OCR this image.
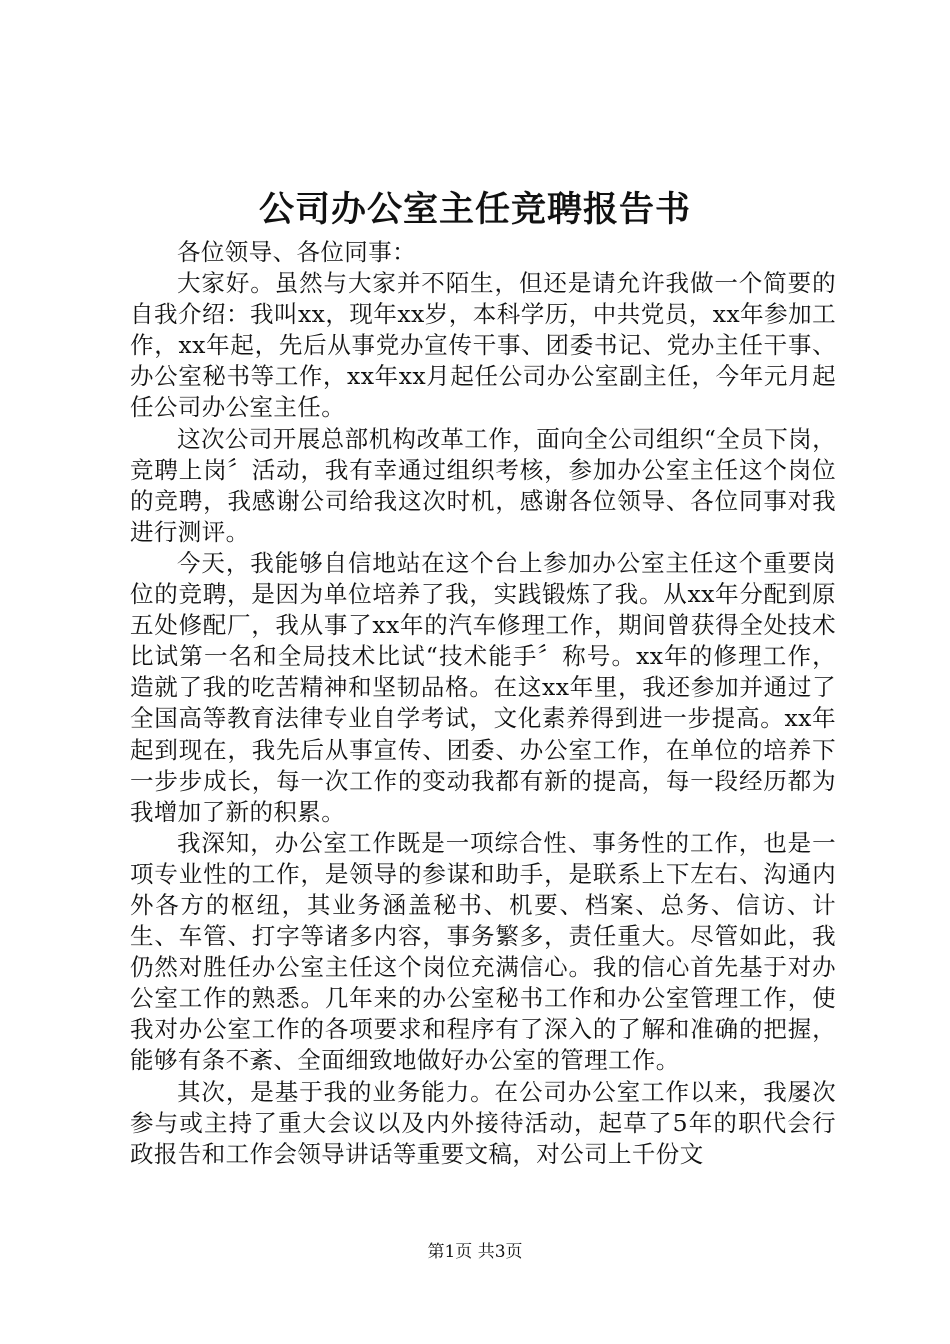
公司办公室主任竞聘报告书

各位领导、各位同事：

大家好。虽然与大家并不陌生，但还是请允许我做一个简要的自我介绍：我叫xx，现年xx岁，本科学历，中共党员，xx年参加工作，xx年起，先后从事党办宣传干事、团委书记、党办主任干事、办公室秘书等工作，xx年xx月起任公司办公室副主任，今年元月起任公司办公室主任。

这次公司开展总部机构改革工作，面向全公司组织“全员下岗，竞聘上岗〞活动，我有幸通过组织考核，参加办公室主任这个岗位的竞聘，我感谢公司给我这次时机，感谢各位领导、各位同事对我进行测评。

今天，我能够自信地站在这个台上参加办公室主任这个重要岗位的竞聘，是因为单位培养了我，实践锻炼了我。从xx年分配到原五处修配厂，我从事了xx年的汽车修理工作，期间曾获得全处技术比试第一名和全局技术比试“技术能手〞称号。xx年的修理工作，造就了我的吃苦精神和坚韧品格。在这xx年里，我还参加并通过了全国高等教育法律专业自学考试，文化素养得到进一步提高。xx年起到现在，我先后从事宣传、团委、办公室工作，在单位的培养下一步步成长，每一次工作的变动我都有新的提高，每一段经历都为我增加了新的积累。

我深知，办公室工作既是一项综合性、事务性的工作，也是一项专业性的工作，是领导的参谋和助手，是联系上下左右、沟通内外各方的枢纽，其业务涵盖秘书、机要、档案、总务、信访、计生、车管、打字等诸多内容，事务繁多，责任重大。尽管如此，我仍然对胜任办公室主任这个岗位充满信心。我的信心首先基于对办公室工作的熟悉。几年来的办公室秘书工作和办公室管理工作，使我对办公室工作的各项要求和程序有了深入的了解和准确的把握，能够有条不紊、全面细致地做好办公室的管理工作。

其次，是基于我的业务能力。在公司办公室工作以来，我屡次参与或主持了重大会议以及内外接待活动，起草了5年的职代会行政报告和工作会领导讲话等重要文稿，对公司上千份文

第1页 共3页
